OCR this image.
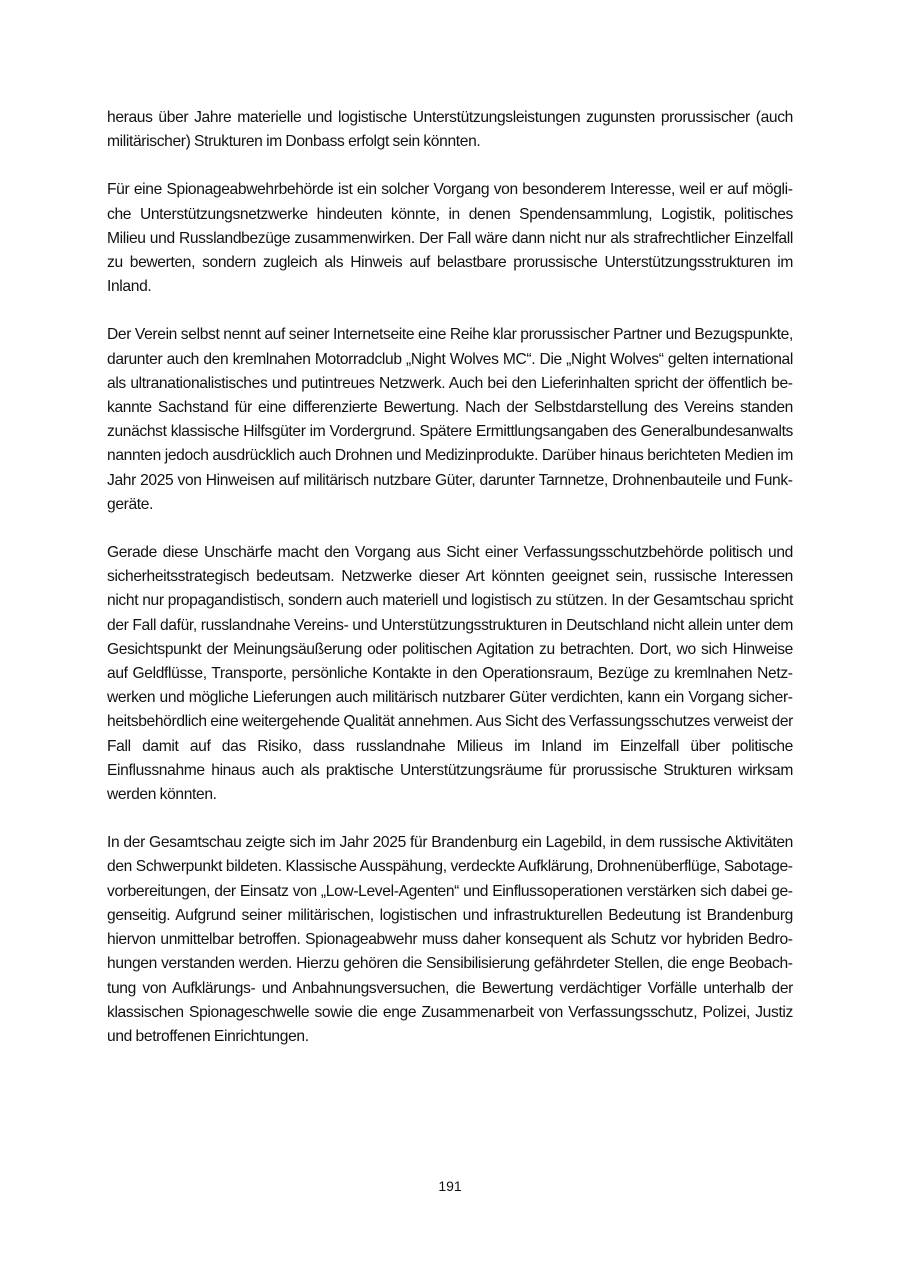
heraus über Jahre materielle und logistische Unterstützungsleistungen zugunsten prorussischer (auch militärischer) Strukturen im Donbass erfolgt sein könnten.

Für eine Spionageabwehrbehörde ist ein solcher Vorgang von besonderem Interesse, weil er auf mögliche Unterstützungsnetzwerke hindeuten könnte, in denen Spendensammlung, Logistik, politisches Milieu und Russlandbezüge zusammenwirken. Der Fall wäre dann nicht nur als strafrechtlicher Einzelfall zu bewerten, sondern zugleich als Hinweis auf belastbare prorussische Unterstützungsstrukturen im Inland.

Der Verein selbst nennt auf seiner Internetseite eine Reihe klar prorussischer Partner und Bezugspunkte, darunter auch den kremlnahen Motorradclub „Night Wolves MC“. Die „Night Wolves“ gelten international als ultranationalistisches und putintreues Netzwerk. Auch bei den Lieferinhalten spricht der öffentlich bekannte Sachstand für eine differenzierte Bewertung. Nach der Selbstdarstellung des Vereins standen zunächst klassische Hilfsgüter im Vordergrund. Spätere Ermittlungsangaben des Generalbundesanwalts nannten jedoch ausdrücklich auch Drohnen und Medizinprodukte. Darüber hinaus berichteten Medien im Jahr 2025 von Hinweisen auf militärisch nutzbare Güter, darunter Tarnnetze, Drohnenbauteile und Funkgeräte.

Gerade diese Unschärfe macht den Vorgang aus Sicht einer Verfassungsschutzbehörde politisch und sicherheitsstrategisch bedeutsam. Netzwerke dieser Art könnten geeignet sein, russische Interessen nicht nur propagandistisch, sondern auch materiell und logistisch zu stützen. In der Gesamtschau spricht der Fall dafür, russlandnahe Vereins- und Unterstützungsstrukturen in Deutschland nicht allein unter dem Gesichtspunkt der Meinungsäußerung oder politischen Agitation zu betrachten. Dort, wo sich Hinweise auf Geldflüsse, Transporte, persönliche Kontakte in den Operationsraum, Bezüge zu kremlnahen Netzwerken und mögliche Lieferungen auch militärisch nutzbarer Güter verdichten, kann ein Vorgang sicherheitsbehördlich eine weitergehende Qualität annehmen. Aus Sicht des Verfassungsschutzes verweist der Fall damit auf das Risiko, dass russlandnahe Milieus im Inland im Einzelfall über politische Einflussnahme hinaus auch als praktische Unterstützungsräume für prorussische Strukturen wirksam werden könnten.

In der Gesamtschau zeigte sich im Jahr 2025 für Brandenburg ein Lagebild, in dem russische Aktivitäten den Schwerpunkt bildeten. Klassische Ausspähung, verdeckte Aufklärung, Drohnenüberflüge, Sabotagevorbereitungen, der Einsatz von „Low-Level-Agenten“ und Einflussoperationen verstärken sich dabei gegenseitig. Aufgrund seiner militärischen, logistischen und infrastrukturellen Bedeutung ist Brandenburg hiervon unmittelbar betroffen. Spionageabwehr muss daher konsequent als Schutz vor hybriden Bedrohungen verstanden werden. Hierzu gehören die Sensibilisierung gefährdeter Stellen, die enge Beobachtung von Aufklärungs- und Anbahnungsversuchen, die Bewertung verdächtiger Vorfälle unterhalb der klassischen Spionageschwelle sowie die enge Zusammenarbeit von Verfassungsschutz, Polizei, Justiz und betroffenen Einrichtungen.

191
